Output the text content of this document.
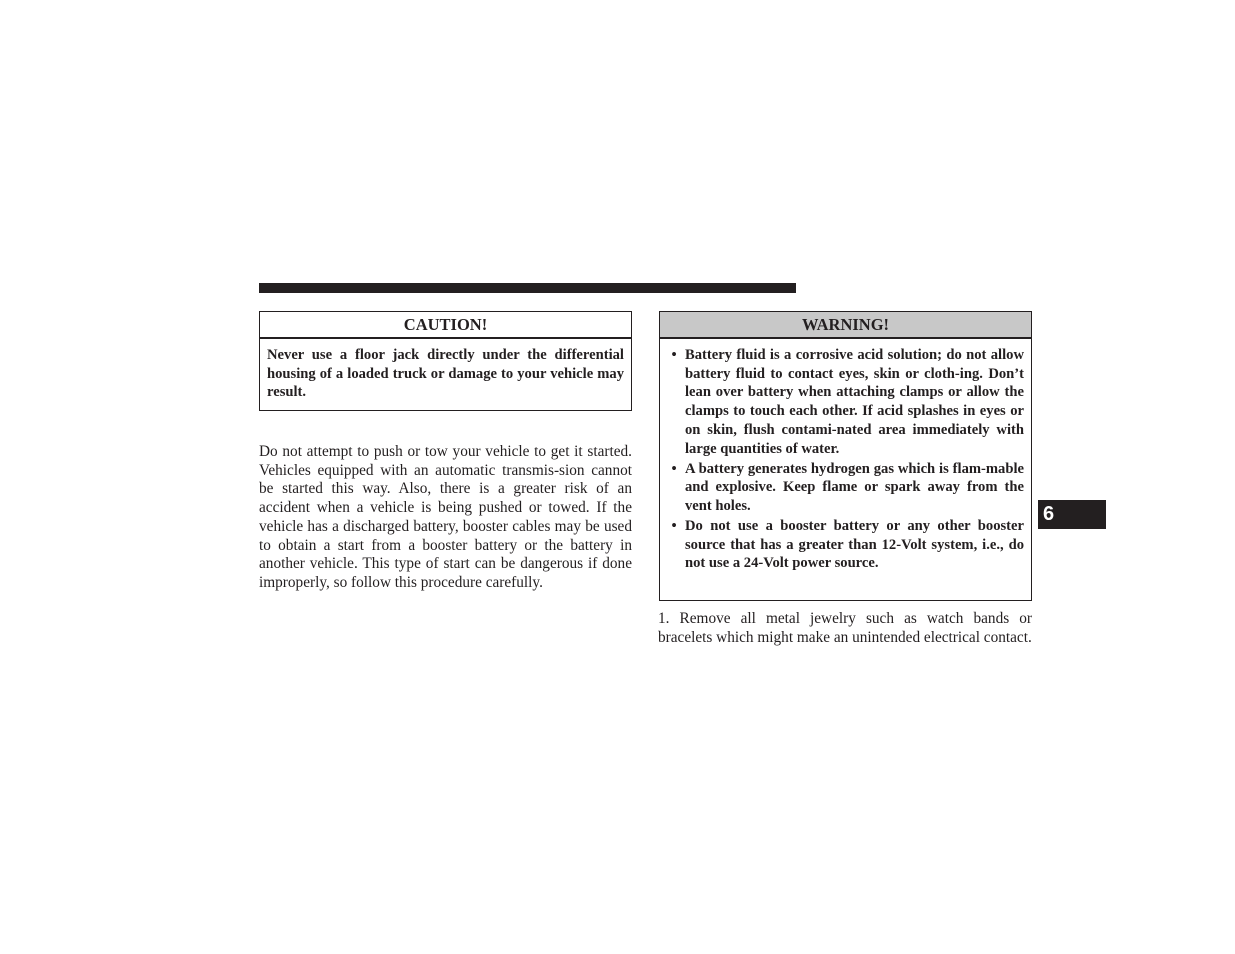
CAUTION!
Never use a floor jack directly under the differential housing of a loaded truck or damage to your vehicle may result.

Do not attempt to push or tow your vehicle to get it started. Vehicles equipped with an automatic transmis-sion cannot be started this way. Also, there is a greater risk of an accident when a vehicle is being pushed or towed. If the vehicle has a discharged battery, booster cables may be used to obtain a start from a booster battery or the battery in another vehicle. This type of start can be dangerous if done improperly, so follow this procedure carefully.

WARNING!
• Battery fluid is a corrosive acid solution; do not allow battery fluid to contact eyes, skin or cloth-ing. Don’t lean over battery when attaching clamps or allow the clamps to touch each other. If acid splashes in eyes or on skin, flush contami-nated area immediately with large quantities of water.
• A battery generates hydrogen gas which is flam-mable and explosive. Keep flame or spark away from the vent holes.
• Do not use a booster battery or any other booster source that has a greater than 12-Volt system, i.e., do not use a 24-Volt power source.

1. Remove all metal jewelry such as watch bands or bracelets which might make an unintended electrical contact.

6
